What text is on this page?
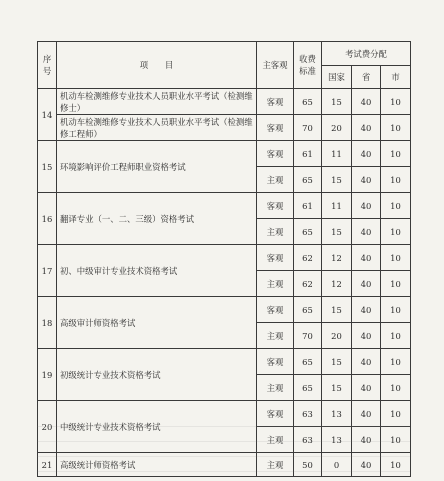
序号	项　　目	主客观	收费标准	考试费分配		
				国家	省	市
14	机动车检测维修专业技术人员职业水平考试（检测维修士）	客观	65	15	40	10
	机动车检测维修专业技术人员职业水平考试（检测维修工程师）	客观	70	20	40	10
15	环境影响评价工程师职业资格考试	客观	61	11	40	10
		主观	65	15	40	10
16	翻译专业（一、二、三级）资格考试	客观	61	11	40	10
		主观	65	15	40	10
17	初、中级审计专业技术资格考试	客观	62	12	40	10
		主观	62	12	40	10
18	高级审计师资格考试	客观	65	15	40	10
		主观	70	20	40	10
19	初级统计专业技术资格考试	客观	65	15	40	10
		主观	65	15	40	10
20	中级统计专业技术资格考试	客观	63	13	40	10
		主观	63	13	40	10
21	高级统计师资格考试	主观	50	0	40	10
